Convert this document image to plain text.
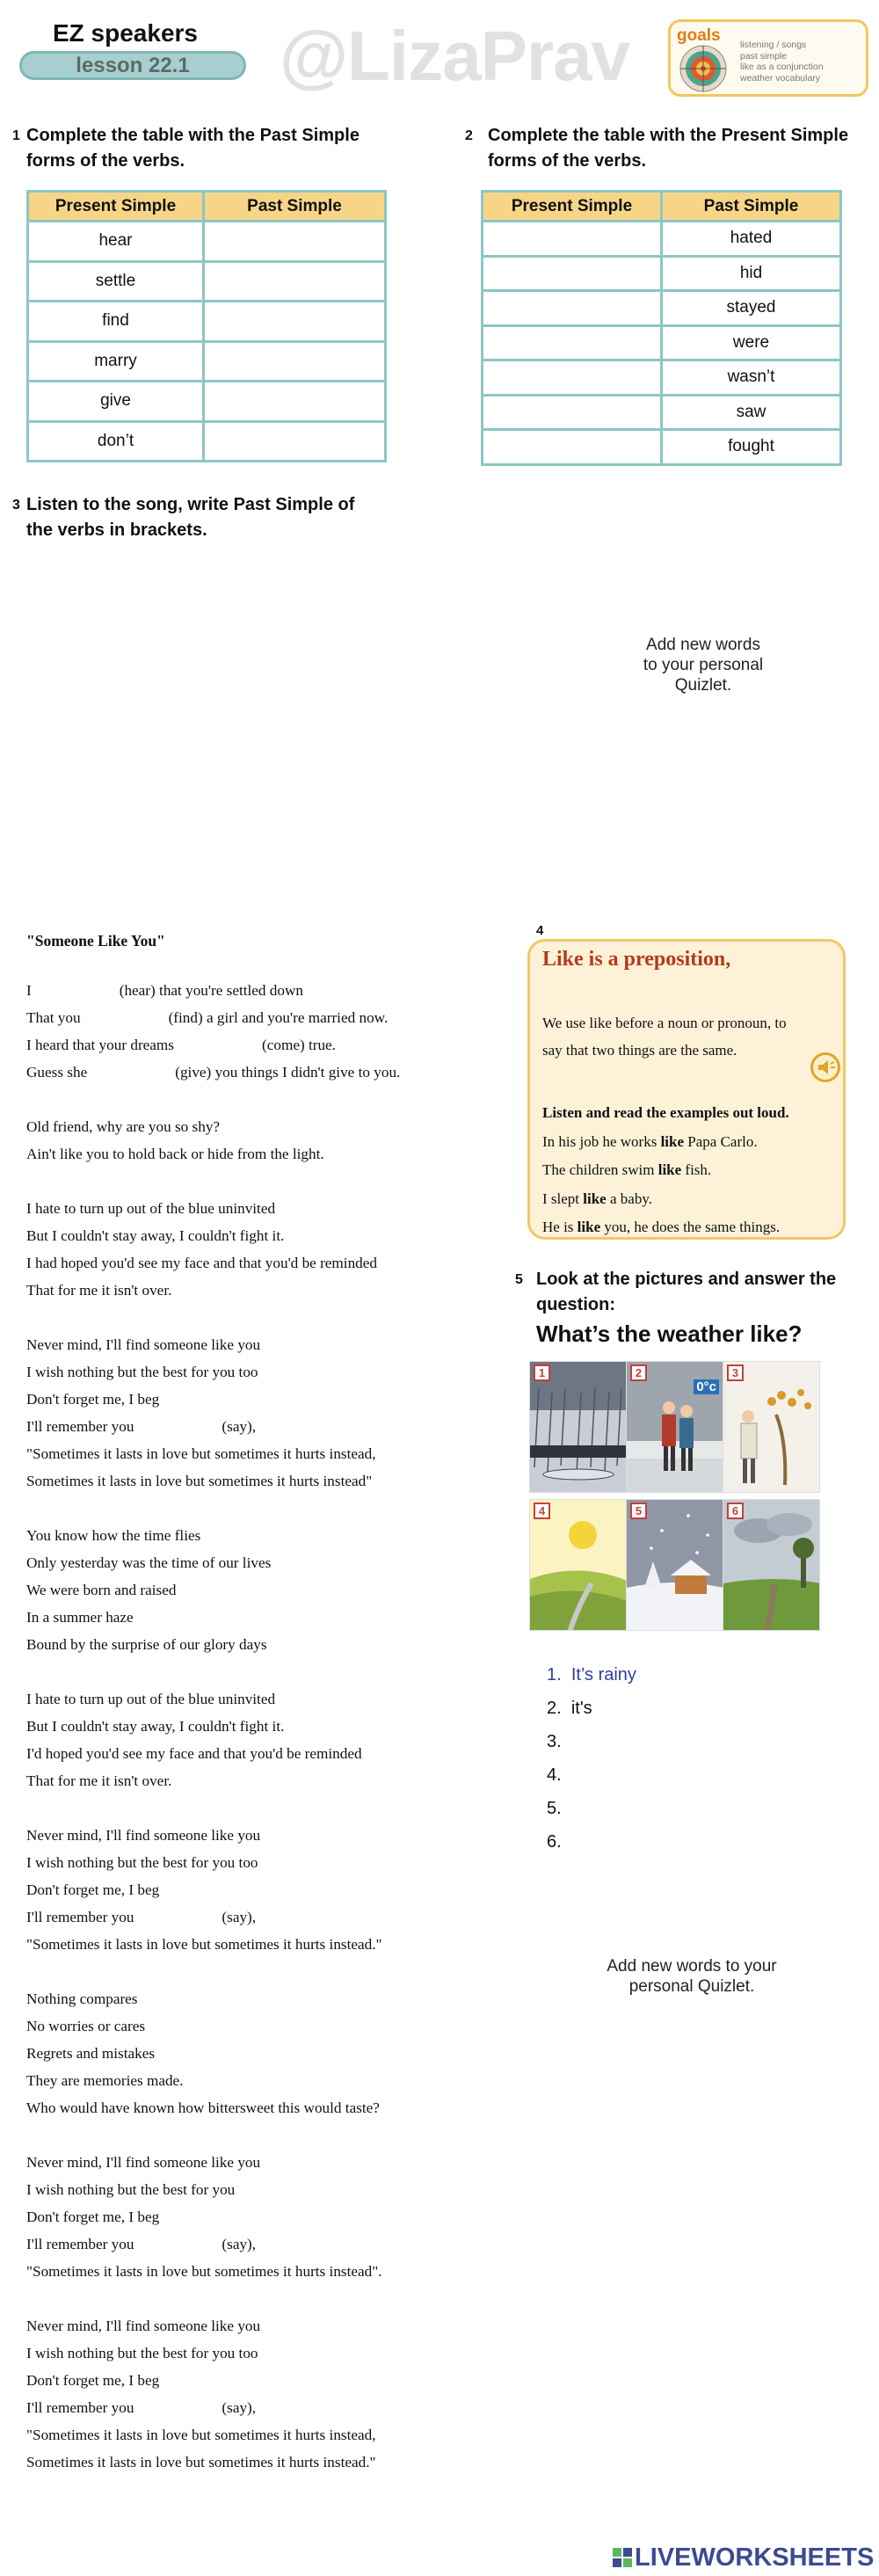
EZ speakers
lesson 22.1	@LizaPrav	goals listening / songs
past simple
like as a conjunction
weather vocabulary
1 Complete the table with the Past Simple
forms of the verbs.
Present Simple	Past Simple
hear	
settle	
find	
marry	
give	
don’t	
2 Complete the table with the Present Simple
forms of the verbs.
Present Simple	Past Simple
	hated
	hid
	stayed
	were
	wasn’t
	saw
	fought
3 Listen to the song, write Past Simple of
the verbs in brackets.
Add new words
to your personal
Quizlet.
"Someone Like You"
I	(hear) that you're settled down
That you	(find) a girl and you're married now.
I heard that your dreams	(come) true.
Guess she	(give) you things I didn't give to you.
Old friend, why are you so shy?
Ain't like you to hold back or hide from the light.
I hate to turn up out of the blue uninvited
But I couldn't stay away, I couldn't fight it.
I had hoped you'd see my face and that you'd be reminded
That for me it isn't over.
Never mind, I'll find someone like you
I wish nothing but the best for you too
Don't forget me, I beg
I'll remember you	(say),
"Sometimes it lasts in love but sometimes it hurts instead,
Sometimes it lasts in love but sometimes it hurts instead"
You know how the time flies
Only yesterday was the time of our lives
We were born and raised
In a summer haze
Bound by the surprise of our glory days
I hate to turn up out of the blue uninvited
But I couldn't stay away, I couldn't fight it.
I'd hoped you'd see my face and that you'd be reminded
That for me it isn't over.
Never mind, I'll find someone like you
I wish nothing but the best for you too
Don't forget me, I beg
I'll remember you	(say),
"Sometimes it lasts in love but sometimes it hurts instead."
Nothing compares
No worries or cares
Regrets and mistakes
They are memories made.
Who would have known how bittersweet this would taste?
Never mind, I'll find someone like you
I wish nothing but the best for you
Don't forget me, I beg
I'll remember you	(say),
"Sometimes it lasts in love but sometimes it hurts instead".
Never mind, I'll find someone like you
I wish nothing but the best for you too
Don't forget me, I beg
I'll remember you	(say),
"Sometimes it lasts in love but sometimes it hurts instead,
Sometimes it lasts in love but sometimes it hurts instead."
4
Like is a preposition,
We use like before a noun or pronoun, to
say that two things are the same.
Listen and read the examples out loud.
In his job he works like Papa Carlo.
The children swim like fish.
I slept like a baby.
He is like you, he does the same things.
5 Look at the pictures and answer the
question:
What’s the weather like?
1	2
0°c
3
4	5	6
1. It’s rainy
2. it's
3.
4.
5.
6.
Add new words to your
personal Quizlet.
LIVEWORKSHEETS
